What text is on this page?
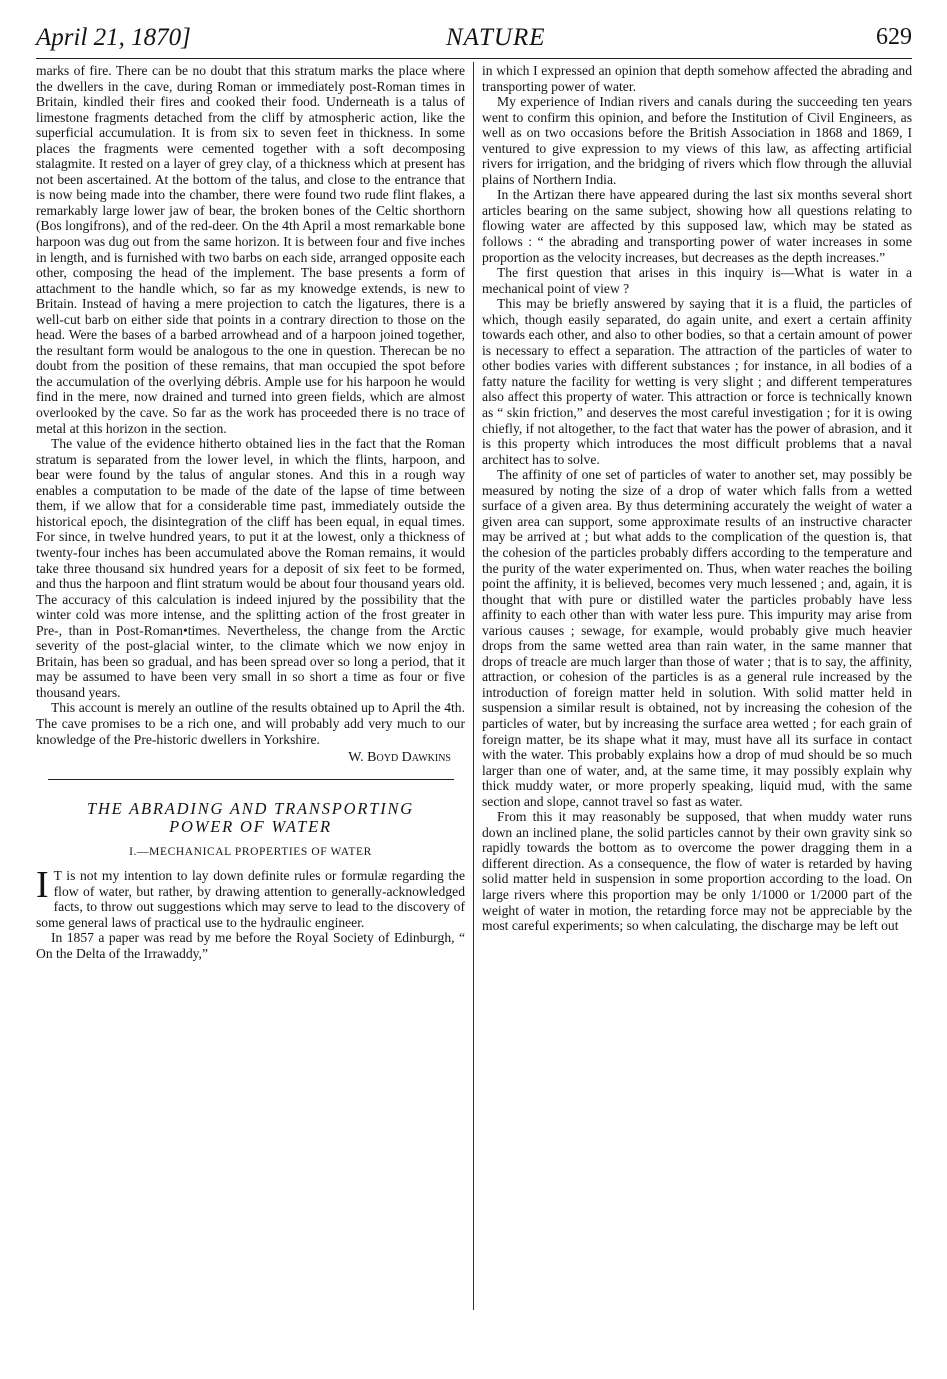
April 21, 1870]	NATURE	629

marks of fire. There can be no doubt that this stratum marks the place where the dwellers in the cave, during Roman or immediately post-Roman times in Britain, kindled their fires and cooked their food. Underneath is a talus of limestone fragments detached from the cliff by atmospheric action, like the superficial accumulation. It is from six to seven feet in thickness. In some places the fragments were cemented together with a soft decomposing stalagmite. It rested on a layer of grey clay, of a thickness which at present has not been ascertained. At the bottom of the talus, and close to the entrance that is now being made into the chamber, there were found two rude flint flakes, a remarkably large lower jaw of bear, the broken bones of the Celtic shorthorn (Bos longifrons), and of the red-deer. On the 4th April a most remarkable bone harpoon was dug out from the same horizon. It is between four and five inches in length, and is furnished with two barbs on each side, arranged opposite each other, composing the head of the implement. The base presents a form of attachment to the handle which, so far as my knowedge extends, is new to Britain. Instead of having a mere projection to catch the ligatures, there is a well-cut barb on either side that points in a contrary direction to those on the head. Were the bases of a barbed arrowhead and of a harpoon joined together, the resultant form would be analogous to the one in question. Therecan be no doubt from the position of these remains, that man occupied the spot before the accumulation of the overlying débris. Ample use for his harpoon he would find in the mere, now drained and turned into green fields, which are almost overlooked by the cave. So far as the work has proceeded there is no trace of metal at this horizon in the section.

The value of the evidence hitherto obtained lies in the fact that the Roman stratum is separated from the lower level, in which the flints, harpoon, and bear were found by the talus of angular stones. And this in a rough way enables a computation to be made of the date of the lapse of time between them, if we allow that for a considerable time past, immediately outside the historical epoch, the disintegration of the cliff has been equal, in equal times. For since, in twelve hundred years, to put it at the lowest, only a thickness of twenty-four inches has been accumulated above the Roman remains, it would take three thousand six hundred years for a deposit of six feet to be formed, and thus the harpoon and flint stratum would be about four thousand years old. The accuracy of this calculation is indeed injured by the possibility that the winter cold was more intense, and the splitting action of the frost greater in Pre-, than in Post-Roman•times. Nevertheless, the change from the Arctic severity of the post-glacial winter, to the climate which we now enjoy in Britain, has been so gradual, and has been spread over so long a period, that it may be assumed to have been very small in so short a time as four or five thousand years.

This account is merely an outline of the results obtained up to April the 4th. The cave promises to be a rich one, and will probably add very much to our knowledge of the Pre-historic dwellers in Yorkshire.

W. Boyd Dawkins
THE ABRADING AND TRANSPORTING
POWER OF WATER
I.—MECHANICAL PROPERTIES OF WATER

I T is not my intention to lay down definite rules or formulæ regarding the flow of water, but rather, by drawing attention to generally-acknowledged facts, to throw out suggestions which may serve to lead to the discovery of some general laws of practical use to the hydraulic engineer.

In 1857 a paper was read by me before the Royal Society of Edinburgh, “ On the Delta of the Irrawaddy,”

in which I expressed an opinion that depth somehow affected the abrading and transporting power of water.

My experience of Indian rivers and canals during the succeeding ten years went to confirm this opinion, and before the Institution of Civil Engineers, as well as on two occasions before the British Association in 1868 and 1869, I ventured to give expression to my views of this law, as affecting artificial rivers for irrigation, and the bridging of rivers which flow through the alluvial plains of Northern India.

In the Artizan there have appeared during the last six months several short articles bearing on the same subject, showing how all questions relating to flowing water are affected by this supposed law, which may be stated as follows : “ the abrading and transporting power of water increases in some proportion as the velocity increases, but decreases as the depth increases.”

The first question that arises in this inquiry is—What is water in a mechanical point of view ?

This may be briefly answered by saying that it is a fluid, the particles of which, though easily separated, do again unite, and exert a certain affinity towards each other, and also to other bodies, so that a certain amount of power is necessary to effect a separation. The attraction of the particles of water to other bodies varies with different substances ; for instance, in all bodies of a fatty nature the facility for wetting is very slight ; and different temperatures also affect this property of water. This attraction or force is technically known as “ skin friction,” and deserves the most careful investigation ; for it is owing chiefly, if not altogether, to the fact that water has the power of abrasion, and it is this property which introduces the most difficult problems that a naval architect has to solve.

The affinity of one set of particles of water to another set, may possibly be measured by noting the size of a drop of water which falls from a wetted surface of a given area. By thus determining accurately the weight of water a given area can support, some approximate results of an instructive character may be arrived at ; but what adds to the complication of the question is, that the cohesion of the particles probably differs according to the temperature and the purity of the water experimented on. Thus, when water reaches the boiling point the affinity, it is believed, becomes very much lessened ; and, again, it is thought that with pure or distilled water the particles probably have less affinity to each other than with water less pure. This impurity may arise from various causes ; sewage, for example, would probably give much heavier drops from the same wetted area than rain water, in the same manner that drops of treacle are much larger than those of water ; that is to say, the affinity, attraction, or cohesion of the particles is as a general rule increased by the introduction of foreign matter held in solution. With solid matter held in suspension a similar result is obtained, not by increasing the cohesion of the particles of water, but by increasing the surface area wetted ; for each grain of foreign matter, be its shape what it may, must have all its surface in contact with the water. This probably explains how a drop of mud should be so much larger than one of water, and, at the same time, it may possibly explain why thick muddy water, or more properly speaking, liquid mud, with the same section and slope, cannot travel so fast as water.

From this it may reasonably be supposed, that when muddy water runs down an inclined plane, the solid particles cannot by their own gravity sink so rapidly towards the bottom as to overcome the power dragging them in a different direction. As a consequence, the flow of water is retarded by having solid matter held in suspension in some proportion according to the load. On large rivers where this proportion may be only 1/1000 or 1/2000 part of the weight of water in motion, the retarding force may not be appreciable by the most careful experiments; so when calculating, the discharge may be left out
